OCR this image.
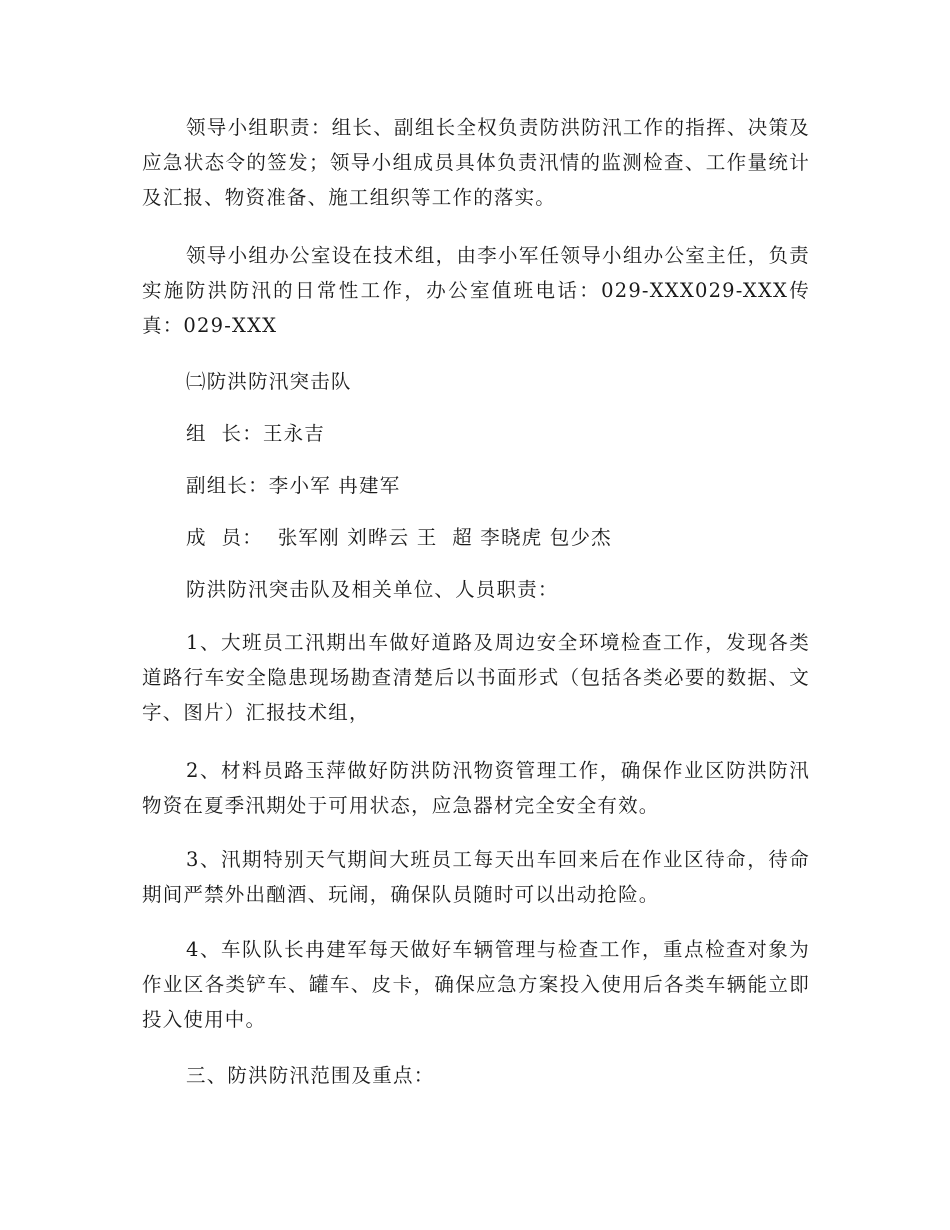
领导小组职责：组长、副组长全权负责防洪防汛工作的指挥、决策及应急状态令的签发；领导小组成员具体负责汛情的监测检查、工作量统计及汇报、物资准备、施工组织等工作的落实。

领导小组办公室设在技术组，由李小军任领导小组办公室主任，负责实施防洪防汛的日常性工作，办公室值班电话：029-XXX029-XXX传真：029-XXX

㈡防洪防汛突击队

组  长：王永吉

副组长：李小军 冉建军

成  员：  张军刚 刘晔云 王  超 李晓虎 包少杰

防洪防汛突击队及相关单位、人员职责：

1、大班员工汛期出车做好道路及周边安全环境检查工作，发现各类道路行车安全隐患现场勘查清楚后以书面形式（包括各类必要的数据、文字、图片）汇报技术组，

2、材料员路玉萍做好防洪防汛物资管理工作，确保作业区防洪防汛物资在夏季汛期处于可用状态，应急器材完全安全有效。

3、汛期特别天气期间大班员工每天出车回来后在作业区待命，待命期间严禁外出酗酒、玩闹，确保队员随时可以出动抢险。

4、车队队长冉建军每天做好车辆管理与检查工作，重点检查对象为作业区各类铲车、罐车、皮卡，确保应急方案投入使用后各类车辆能立即投入使用中。

三、防洪防汛范围及重点：
